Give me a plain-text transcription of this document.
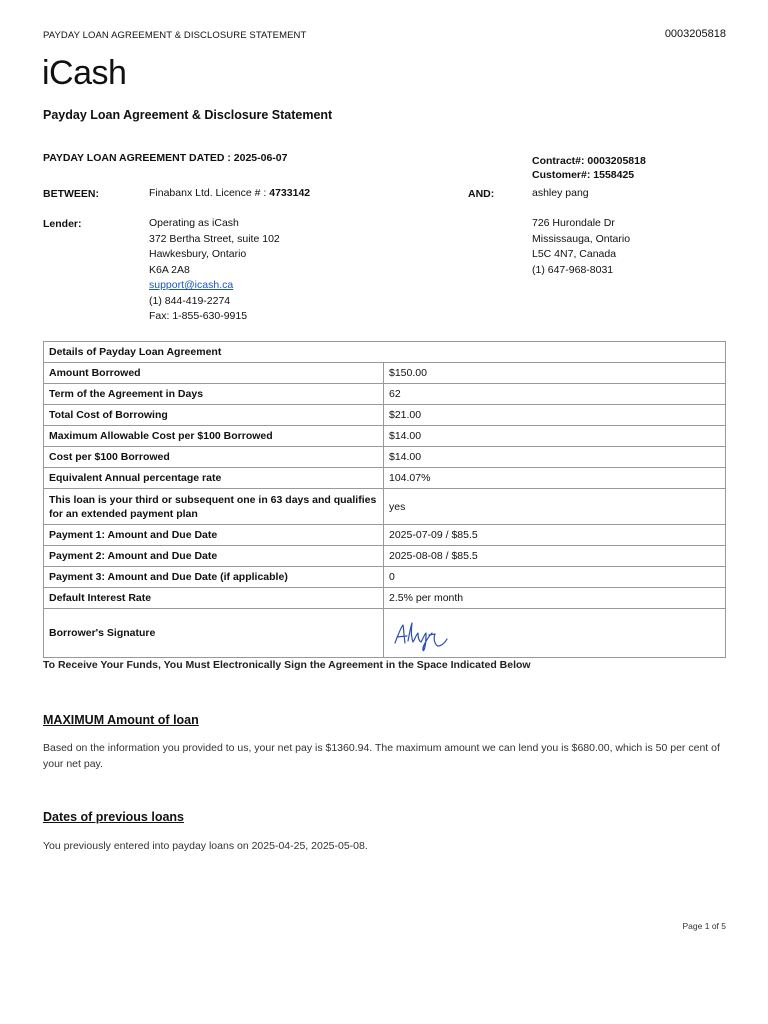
PAYDAY LOAN AGREEMENT & DISCLOSURE STATEMENT	0003205818
iCash
Payday Loan Agreement & Disclosure Statement
PAYDAY LOAN AGREEMENT DATED : 2025-06-07	Contract#: 0003205818
Customer#: 1558425
BETWEEN:	Finabanx Ltd. Licence # : 4733142	AND:	ashley pang
Lender:	Operating as iCash
372 Bertha Street, suite 102
Hawkesbury, Ontario
K6A 2A8
support@icash.ca
(1) 844-419-2274
Fax: 1-855-630-9915
726 Hurondale Dr
Mississauga, Ontario
L5C 4N7, Canada
(1) 647-968-8031
Details of Payday Loan Agreement	
Amount Borrowed	$150.00
Term of the Agreement in Days	62
Total Cost of Borrowing	$21.00
Maximum Allowable Cost per $100 Borrowed	$14.00
Cost per $100 Borrowed	$14.00
Equivalent Annual percentage rate	104.07%
This loan is your third or subsequent one in 63 days and qualifies for an extended payment plan	yes
Payment 1: Amount and Due Date	2025-07-09 / $85.5
Payment 2: Amount and Due Date	2025-08-08 / $85.5
Payment 3: Amount and Due Date (if applicable)	0
Default Interest Rate	2.5% per month
Borrower's Signature	
To Receive Your Funds, You Must Electronically Sign the Agreement in the Space Indicated Below
MAXIMUM Amount of loan
Based on the information you provided to us, your net pay is $1360.94. The maximum amount we can lend you is $680.00, which is 50 per cent of your net pay.
Dates of previous loans
You previously entered into payday loans on 2025-04-25, 2025-05-08.
Page 1 of 5
